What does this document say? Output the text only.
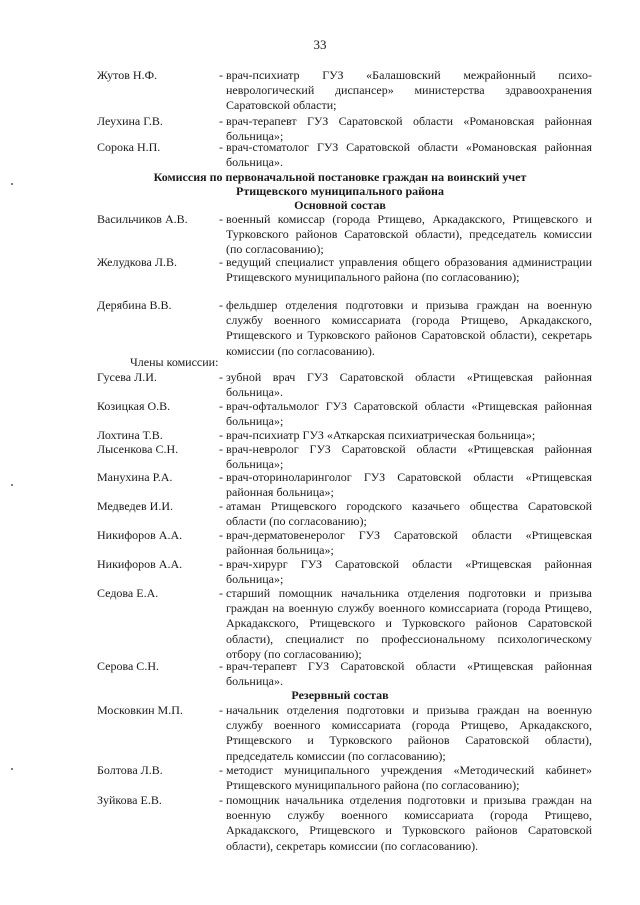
33
Жутов Н.Ф.	- врач-психиатр ГУЗ «Балашовский межрайонный психо-неврологический диспансер» министерства здравоохранения Саратовской области;
Леухина Г.В.	- врач-терапевт ГУЗ Саратовской области «Романовская районная больница»;
Сорока Н.П.	- врач-стоматолог ГУЗ Саратовской области «Романовская районная больница».
Комиссия по первоначальной постановке граждан на воинский учет
Ртищевского муниципального района
Основной состав
Васильчиков А.В.	- военный комиссар (города Ртищево, Аркадакского, Ртищевского и Турковского районов Саратовской области), председатель комиссии (по согласованию);
Желудкова Л.В.	- ведущий специалист управления общего образования администрации Ртищевского муниципального района (по согласованию);
Дерябина В.В.	- фельдшер отделения подготовки и призыва граждан на военную службу военного комиссариата (города Ртищево, Аркадакского, Ртищевского и Турковского районов Саратовской области), секретарь комиссии (по согласованию).
Члены комиссии:
Гусева Л.И.	- зубной врач ГУЗ Саратовской области «Ртищевская районная больница».
Козицкая О.В.	- врач-офтальмолог ГУЗ Саратовской области «Ртищевская районная больница»;
Лохтина Т.В.	- врач-психиатр ГУЗ «Аткарская психиатрическая больница»;
Лысенкова С.Н.	- врач-невролог ГУЗ Саратовской области «Ртищевская районная больница»;
Манухина Р.А.	- врач-оториноларинголог ГУЗ Саратовской области «Ртищевская районная больница»;
Медведев И.И.	- атаман Ртищевского городского казачьего общества Саратовской области (по согласованию);
Никифоров А.А.	- врач-дерматовенеролог ГУЗ Саратовской области «Ртищевская районная больница»;
Никифоров А.А.	- врач-хирург ГУЗ Саратовской области «Ртищевская районная больница»;
Седова Е.А.	- старший помощник начальника отделения подготовки и призыва граждан на военную службу военного комиссариата (города Ртищево, Аркадакского, Ртищевского и Турковского районов Саратовской области), специалист по профессиональному психологическому отбору (по согласованию);
Серова С.Н.	- врач-терапевт ГУЗ Саратовской области «Ртищевская районная больница».
Резервный состав
Московкин М.П.	- начальник отделения подготовки и призыва граждан на военную службу военного комиссариата (города Ртищево, Аркадакского, Ртищевского и Турковского районов Саратовской области), председатель комиссии (по согласованию);
Болтова Л.В.	- методист муниципального учреждения «Методический кабинет» Ртищевского муниципального района (по согласованию);
Зуйкова Е.В.	- помощник начальника отделения подготовки и призыва граждан на военную службу военного комиссариата (города Ртищево, Аркадакского, Ртищевского и Турковского районов Саратовской области), секретарь комиссии (по согласованию).
